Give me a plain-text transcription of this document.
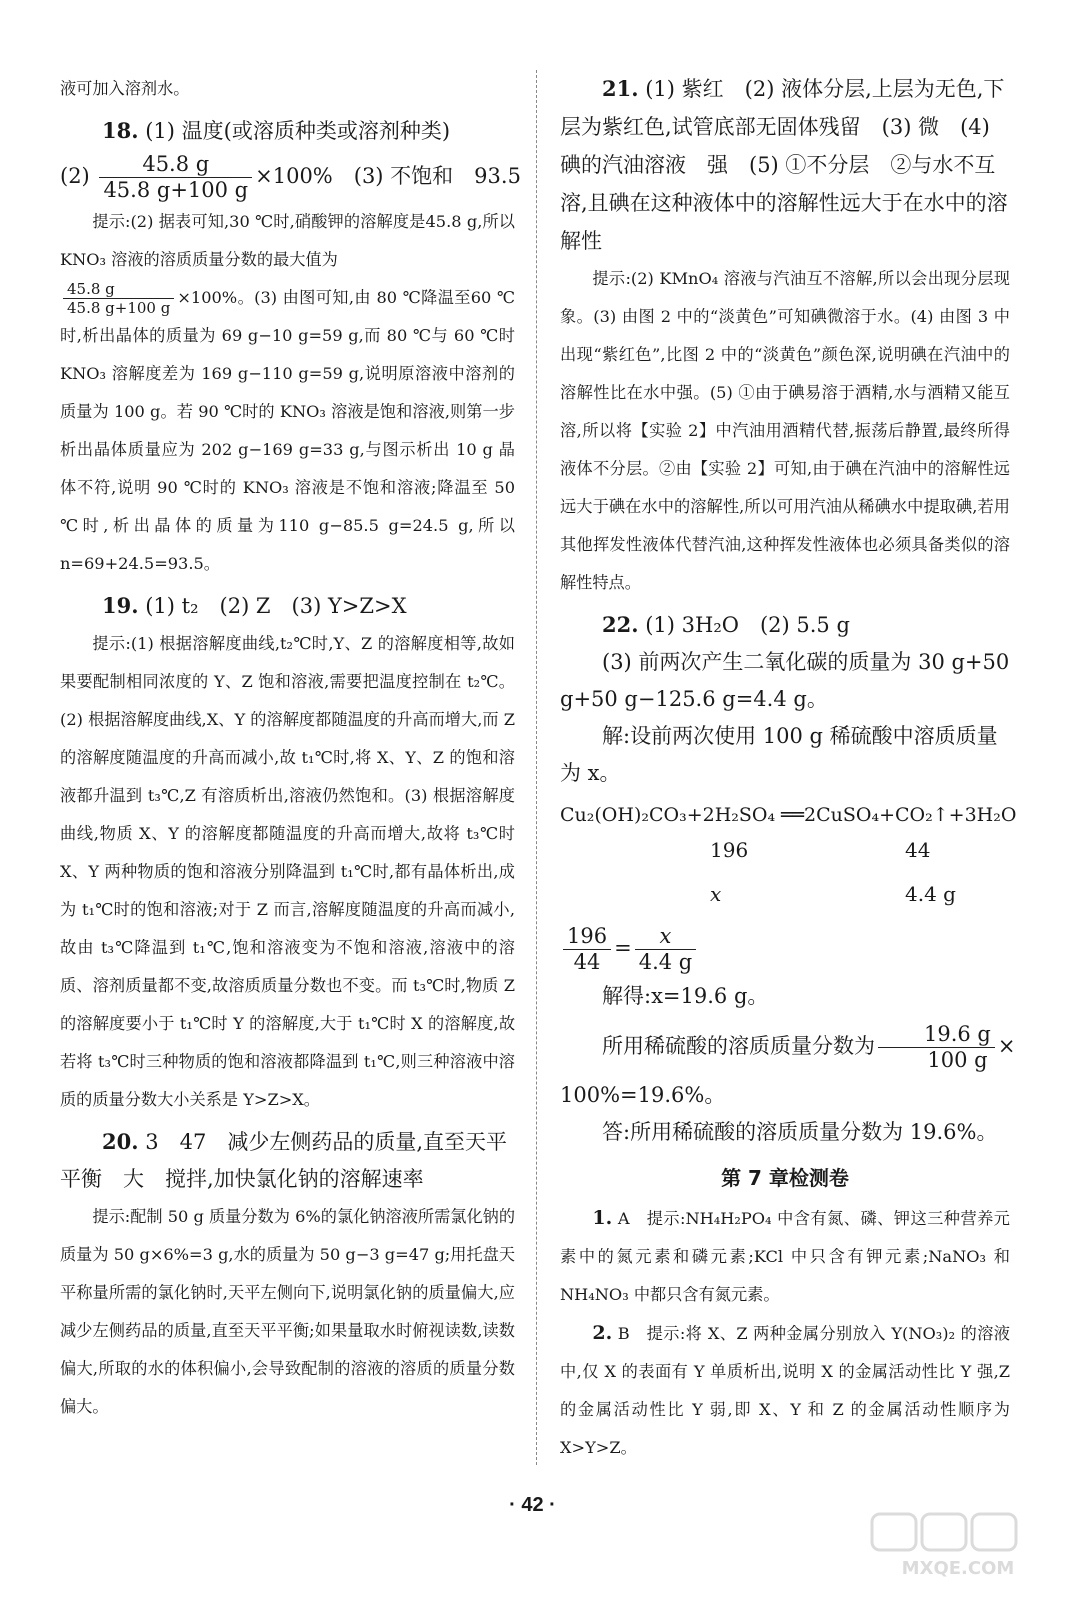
液可加入溶剂水。

18. (1) 温度(或溶质种类或溶剂种类)

$(2) \frac{45.8 g}{45.8 g+100 g} \times 100\%$　(3) 不饱和　93.5

提示:(2) 据表可知,30 ℃时,硝酸钾的溶解度是45.8 g,所以 KNO₃ 溶液的溶质质量分数的最大值为

$\frac{45.8 g}{45.8 g+100 g} \times 100\%$。(3) 由图可知,由 80 ℃降温至60 ℃时,析出晶体的质量为 69 g−10 g=59 g,而 80 ℃与 60 ℃时 KNO₃ 溶解度差为 169 g−110 g=59 g,说明原溶液中溶剂的质量为 100 g。若 90 ℃时的 KNO₃ 溶液是饱和溶液,则第一步析出晶体质量应为 202 g−169 g=33 g,与图示析出 10 g 晶体不符,说明 90 ℃时的 KNO₃ 溶液是不饱和溶液;降温至 50 ℃时,析出晶体的质量为110 g−85.5 g=24.5 g,所以 n=69+24.5=93.5。

19. (1) t₂　(2) Z　(3) Y>Z>X

提示:(1) 根据溶解度曲线,t₂℃时,Y、Z 的溶解度相等,故如果要配制相同浓度的 Y、Z 饱和溶液,需要把温度控制在 t₂℃。(2) 根据溶解度曲线,X、Y 的溶解度都随温度的升高而增大,而 Z 的溶解度随温度的升高而减小,故 t₁℃时,将 X、Y、Z 的饱和溶液都升温到 t₃℃,Z 有溶质析出,溶液仍然饱和。(3) 根据溶解度曲线,物质 X、Y 的溶解度都随温度的升高而增大,故将 t₃℃时 X、Y 两种物质的饱和溶液分别降温到 t₁℃时,都有晶体析出,成为 t₁℃时的饱和溶液;对于 Z 而言,溶解度随温度的升高而减小,故由 t₃℃降温到 t₁℃,饱和溶液变为不饱和溶液,溶液中的溶质、溶剂质量都不变,故溶质质量分数也不变。而 t₃℃时,物质 Z 的溶解度要小于 t₁℃时 Y 的溶解度,大于 t₁℃时 X 的溶解度,故若将 t₃℃时三种物质的饱和溶液都降温到 t₁℃,则三种溶液中溶质的质量分数大小关系是 Y>Z>X。

20. 3　47　减少左侧药品的质量,直至天平平衡　大　搅拌,加快氯化钠的溶解速率

提示:配制 50 g 质量分数为 6%的氯化钠溶液所需氯化钠的质量为 50 g×6%=3 g,水的质量为 50 g−3 g=47 g;用托盘天平称量所需的氯化钠时,天平左侧向下,说明氯化钠的质量偏大,应减少左侧药品的质量,直至天平平衡;如果量取水时俯视读数,读数偏大,所取的水的体积偏小,会导致配制的溶液的溶质的质量分数偏大。

21. (1) 紫红　(2) 液体分层,上层为无色,下层为紫红色,试管底部无固体残留　(3) 微　(4) 碘的汽油溶液　强　(5) ①不分层　②与水不互溶,且碘在这种液体中的溶解性远大于在水中的溶解性

提示:(2) KMnO₄ 溶液与汽油互不溶解,所以会出现分层现象。(3) 由图 2 中的“淡黄色”可知碘微溶于水。(4) 由图 3 中出现“紫红色”,比图 2 中的“淡黄色”颜色深,说明碘在汽油中的溶解性比在水中强。(5) ①由于碘易溶于酒精,水与酒精又能互溶,所以将【实验 2】中汽油用酒精代替,振荡后静置,最终所得液体不分层。②由【实验 2】可知,由于碘在汽油中的溶解性远远大于碘在水中的溶解性,所以可用汽油从稀碘水中提取碘,若用其他挥发性液体代替汽油,这种挥发性液体也必须具备类似的溶解性特点。

22. (1) 3H₂O　(2) 5.5 g

(3) 前两次产生二氧化碳的质量为 30 g+50 g+50 g−125.6 g=4.4 g。

解:设前两次使用 100 g 稀硫酸中溶质质量为 x。

Cu₂(OH)₂CO₃+2H₂SO₄ ══2CuSO₄+CO₂↑+3H₂O

196	44
x	4.4 g

$\frac{196}{44} = \frac{x}{4.4 g}$

解得:x=19.6 g。

所用稀硫酸的溶质质量分数为 $\frac{19.6 g}{100 g}$ ×

100%=19.6%。

答:所用稀硫酸的溶质质量分数为 19.6%。

第 7 章检测卷

1. A　提示:NH₄H₂PO₄ 中含有氮、磷、钾这三种营养元素中的氮元素和磷元素;KCl 中只含有钾元素;NaNO₃ 和 NH₄NO₃ 中都只含有氮元素。

2. B　提示:将 X、Z 两种金属分别放入 Y(NO₃)₂ 的溶液中,仅 X 的表面有 Y 单质析出,说明 X 的金属活动性比 Y 强,Z 的金属活动性比 Y 弱,即 X、Y 和 Z 的金属活动性顺序为 X>Y>Z。

· 42 ·
MXQE.COM
